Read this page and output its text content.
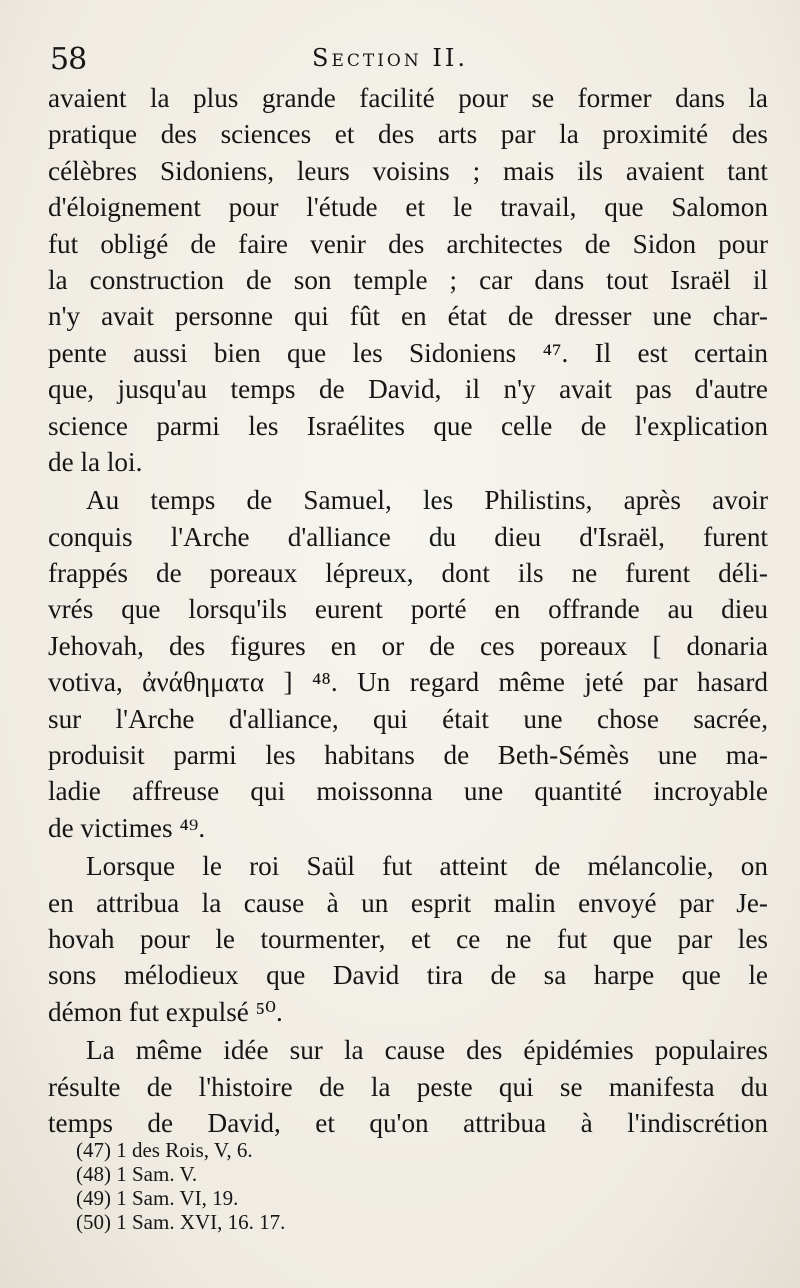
58	Section II.
avaient la plus grande facilité pour se former dans la
pratique des sciences et des arts par la proximité des
célèbres Sidoniens, leurs voisins ; mais ils avaient tant
d'éloignement pour l'étude et le travail, que Salomon
fut obligé de faire venir des architectes de Sidon pour
la construction de son temple ; car dans tout Israël il
n'y avait personne qui fût en état de dresser une char-
pente aussi bien que les Sidoniens ⁴⁷. Il est certain
que, jusqu'au temps de David, il n'y avait pas d'autre
science parmi les Israélites que celle de l'explication
de la loi.
Au temps de Samuel, les Philistins, après avoir
conquis l'Arche d'alliance du dieu d'Israël, furent
frappés de poreaux lépreux, dont ils ne furent déli-
vrés que lorsqu'ils eurent porté en offrande au dieu
Jehovah, des figures en or de ces poreaux [ donaria
votiva, ἀνάθηματα ] ⁴⁸. Un regard même jeté par hasard
sur l'Arche d'alliance, qui était une chose sacrée,
produisit parmi les habitans de Beth-Sémès une ma-
ladie affreuse qui moissonna une quantité incroyable
de victimes ⁴⁹.
Lorsque le roi Saül fut atteint de mélancolie, on
en attribua la cause à un esprit malin envoyé par Je-
hovah pour le tourmenter, et ce ne fut que par les
sons mélodieux que David tira de sa harpe que le
démon fut expulsé ⁵⁰.
La même idée sur la cause des épidémies populaires
résulte de l'histoire de la peste qui se manifesta du
temps de David, et qu'on attribua à l'indiscrétion
(47) 1 des Rois, V, 6.
(48) 1 Sam. V.
(49) 1 Sam. VI, 19.
(50) 1 Sam. XVI, 16. 17.
